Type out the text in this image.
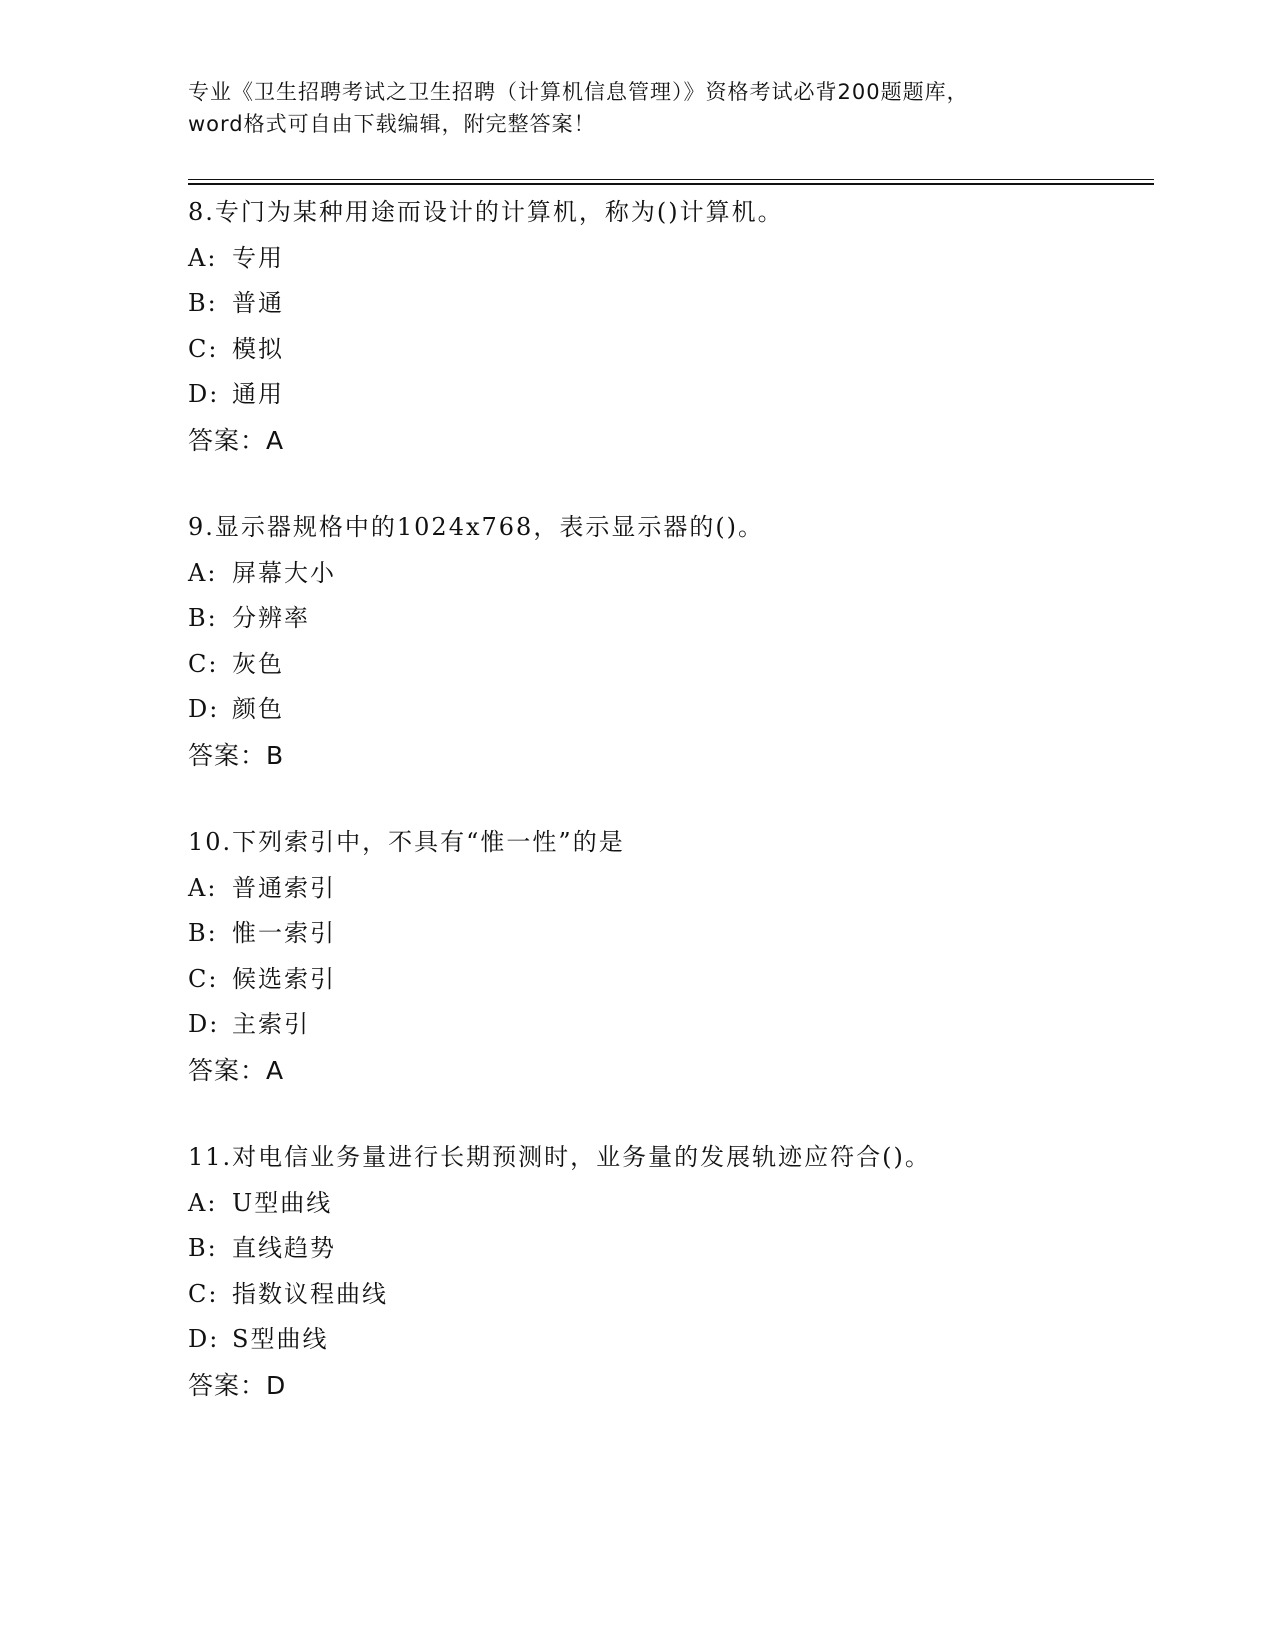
专业《卫生招聘考试之卫生招聘（计算机信息管理）》资格考试必背200题题库，
word格式可自由下载编辑，附完整答案！
8.专门为某种用途而设计的计算机，称为()计算机。
A: 专用
B: 普通
C: 模拟
D: 通用
答案：A
9.显示器规格中的1024x768，表示显示器的()。
A: 屏幕大小
B: 分辨率
C: 灰色
D: 颜色
答案：B
10.下列索引中，不具有“惟一性”的是
A: 普通索引
B: 惟一索引
C: 候选索引
D: 主索引
答案：A
11.对电信业务量进行长期预测时，业务量的发展轨迹应符合()。
A: U型曲线
B: 直线趋势
C: 指数议程曲线
D: S型曲线
答案：D
